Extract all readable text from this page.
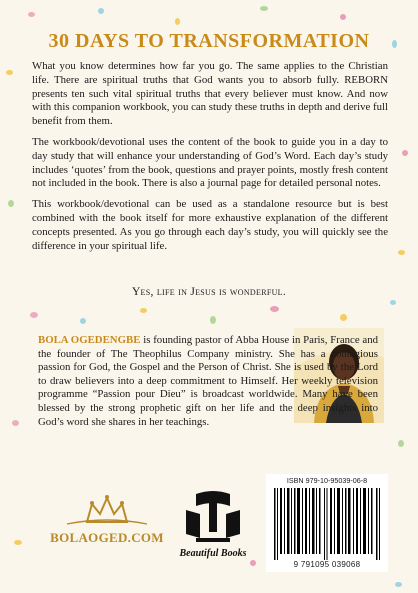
30 DAYS TO TRANSFORMATION

What you know determines how far you go. The same applies to the Christian life. There are spiritual truths that God wants you to absorb fully. REBORN presents ten such vital spiritual truths that every believer must know. And now with this companion workbook, you can study these truths in depth and derive full benefit from them.

The workbook/devotional uses the content of the book to guide you in a day to day study that will enhance your understanding of God’s Word. Each day’s study includes ‘quotes’ from the book, questions and prayer points, mostly fresh content not included in the book. There is also a journal page for detailed personal notes.

This workbook/devotional can be used as a standalone resource but is best combined with the book itself for more exhaustive explanation of the different concepts presented. As you go through each day’s study, you will quickly see the difference in your spiritual life.

Yes, life in Jesus is wonderful.

BOLA OGEDENGBE is founding pastor of Abba House in Paris, France and the founder of The Theophilus Company ministry. She has a contagious passion for God, the Gospel and the Person of Christ. She is used by the Lord to draw believers into a deep commitment to Himself. Her weekly television programme “Passion pour Dieu” is broadcast worldwide. Many have been blessed by the strong prophetic gift on her life and the deep insights into God’s word she shares in her teachings.

BOLAOGED.COM
Beautiful Books
ISBN 979-10-95039-06-8
9 791095 039068
